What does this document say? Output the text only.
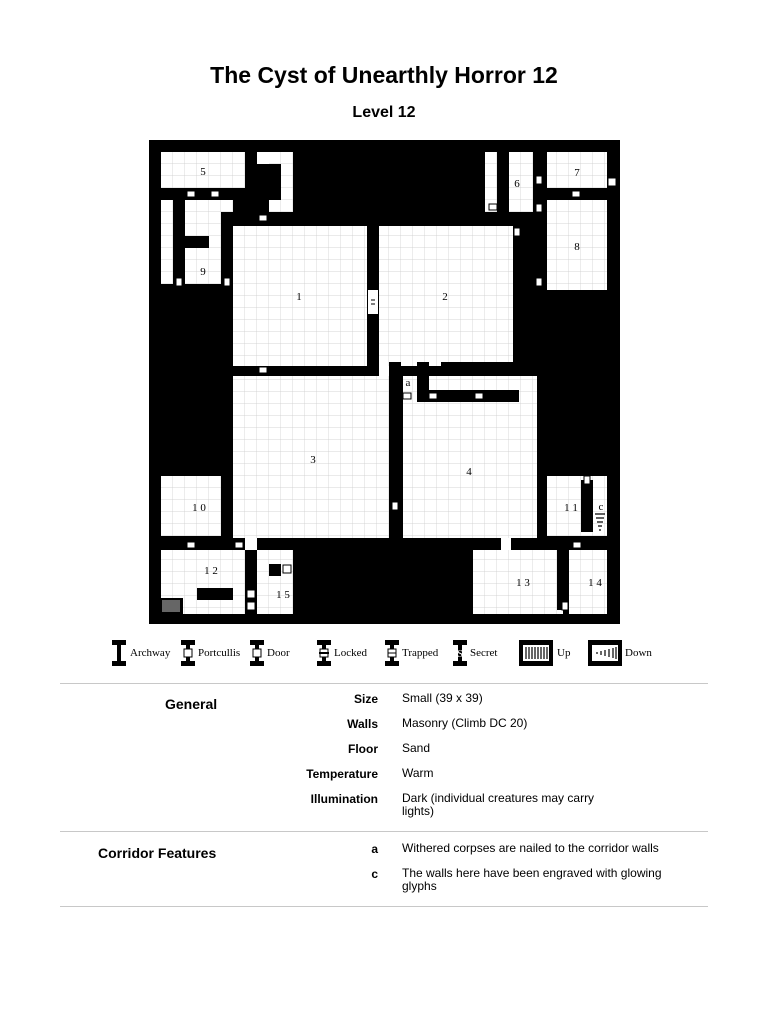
The Cyst of Unearthly Horror 12
Level 12
5
1	2
6
7
8
9
3
4
1 0	1 1
1 2
1 3	1 4
1 5
a
c
Archway	Portcullis Door	Locked	Trapped S Secret	Up	Down
General	Size Small (39 x 39)
Walls Masonry (Climb DC 20)
Floor Sand
Temperature Warm
Illumination Dark (individual creatures may carry lights)
Corridor Features	a Withered corpses are nailed to the corridor walls
c The walls here have been engraved with glowing glyphs
